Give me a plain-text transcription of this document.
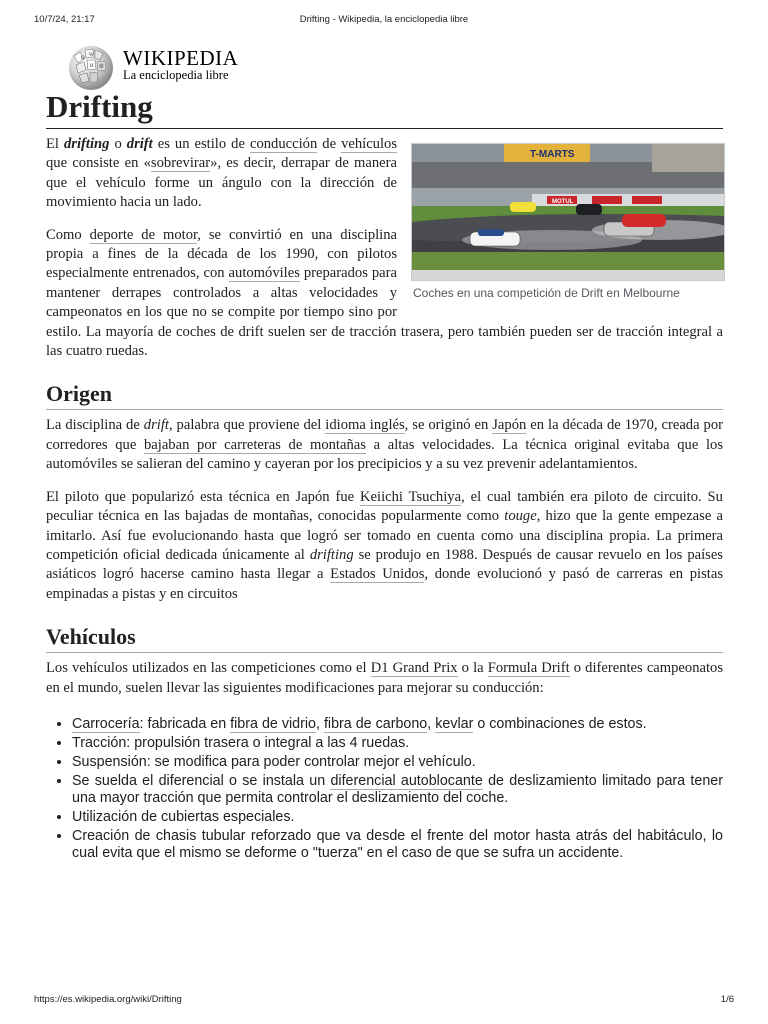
10/7/24, 21:17	Drifting - Wikipedia, la enciclopedia libre
Ω
W
И 維 WIKIPEDIA
La enciclopedia libre
Drifting
T-MARTS
MOTUL
Coches en una competición de Drift en Melbourne

El drifting o drift es un estilo de conducción de vehículos que consiste en «sobrevirar», es decir, derrapar de manera que el vehículo forme un ángulo con la dirección de movimiento hacia un lado.

Como deporte de motor, se convirtió en una disciplina propia a fines de la década de los 1990, con pilotos especialmente entrenados, con automóviles preparados para mantener derrapes controlados a altas velocidades y campeonatos en los que no se compite por tiempo sino por estilo. La mayoría de coches de drift suelen ser de tracción trasera, pero también pueden ser de tracción integral a las cuatro ruedas.

Origen

La disciplina de drift, palabra que proviene del idioma inglés, se originó en Japón en la década de 1970, creada por corredores que bajaban por carreteras de montañas a altas velocidades. La técnica original evitaba que los automóviles se salieran del camino y cayeran por los precipicios y a su vez prevenir adelantamientos.

El piloto que popularizó esta técnica en Japón fue Keiichi Tsuchiya, el cual también era piloto de circuito. Su peculiar técnica en las bajadas de montañas, conocidas popularmente como touge, hizo que la gente empezase a imitarlo. Así fue evolucionando hasta que logró ser tomado en cuenta como una disciplina propia. La primera competición oficial dedicada únicamente al drifting se produjo en 1988. Después de causar revuelo en los países asiáticos logró hacerse camino hasta llegar a Estados Unidos, donde evolucionó y pasó de carreras en pistas empinadas a pistas y en circuitos

Vehículos

Los vehículos utilizados en las competiciones como el D1 Grand Prix o la Formula Drift o diferentes campeonatos en el mundo, suelen llevar las siguientes modificaciones para mejorar su conducción:

• Carrocería: fabricada en fibra de vidrio, fibra de carbono, kevlar o combinaciones de estos.
• Tracción: propulsión trasera o integral a las 4 ruedas.
• Suspensión: se modifica para poder controlar mejor el vehículo.
• Se suelda el diferencial o se instala un diferencial autoblocante de deslizamiento limitado para tener una mayor tracción que permita controlar el deslizamiento del coche.
• Utilización de cubiertas especiales.
• Creación de chasis tubular reforzado que va desde el frente del motor hasta atrás del habitáculo, lo cual evita que el mismo se deforme o "tuerza" en el caso de que se sufra un accidente.
https://es.wikipedia.org/wiki/Drifting	1/6
